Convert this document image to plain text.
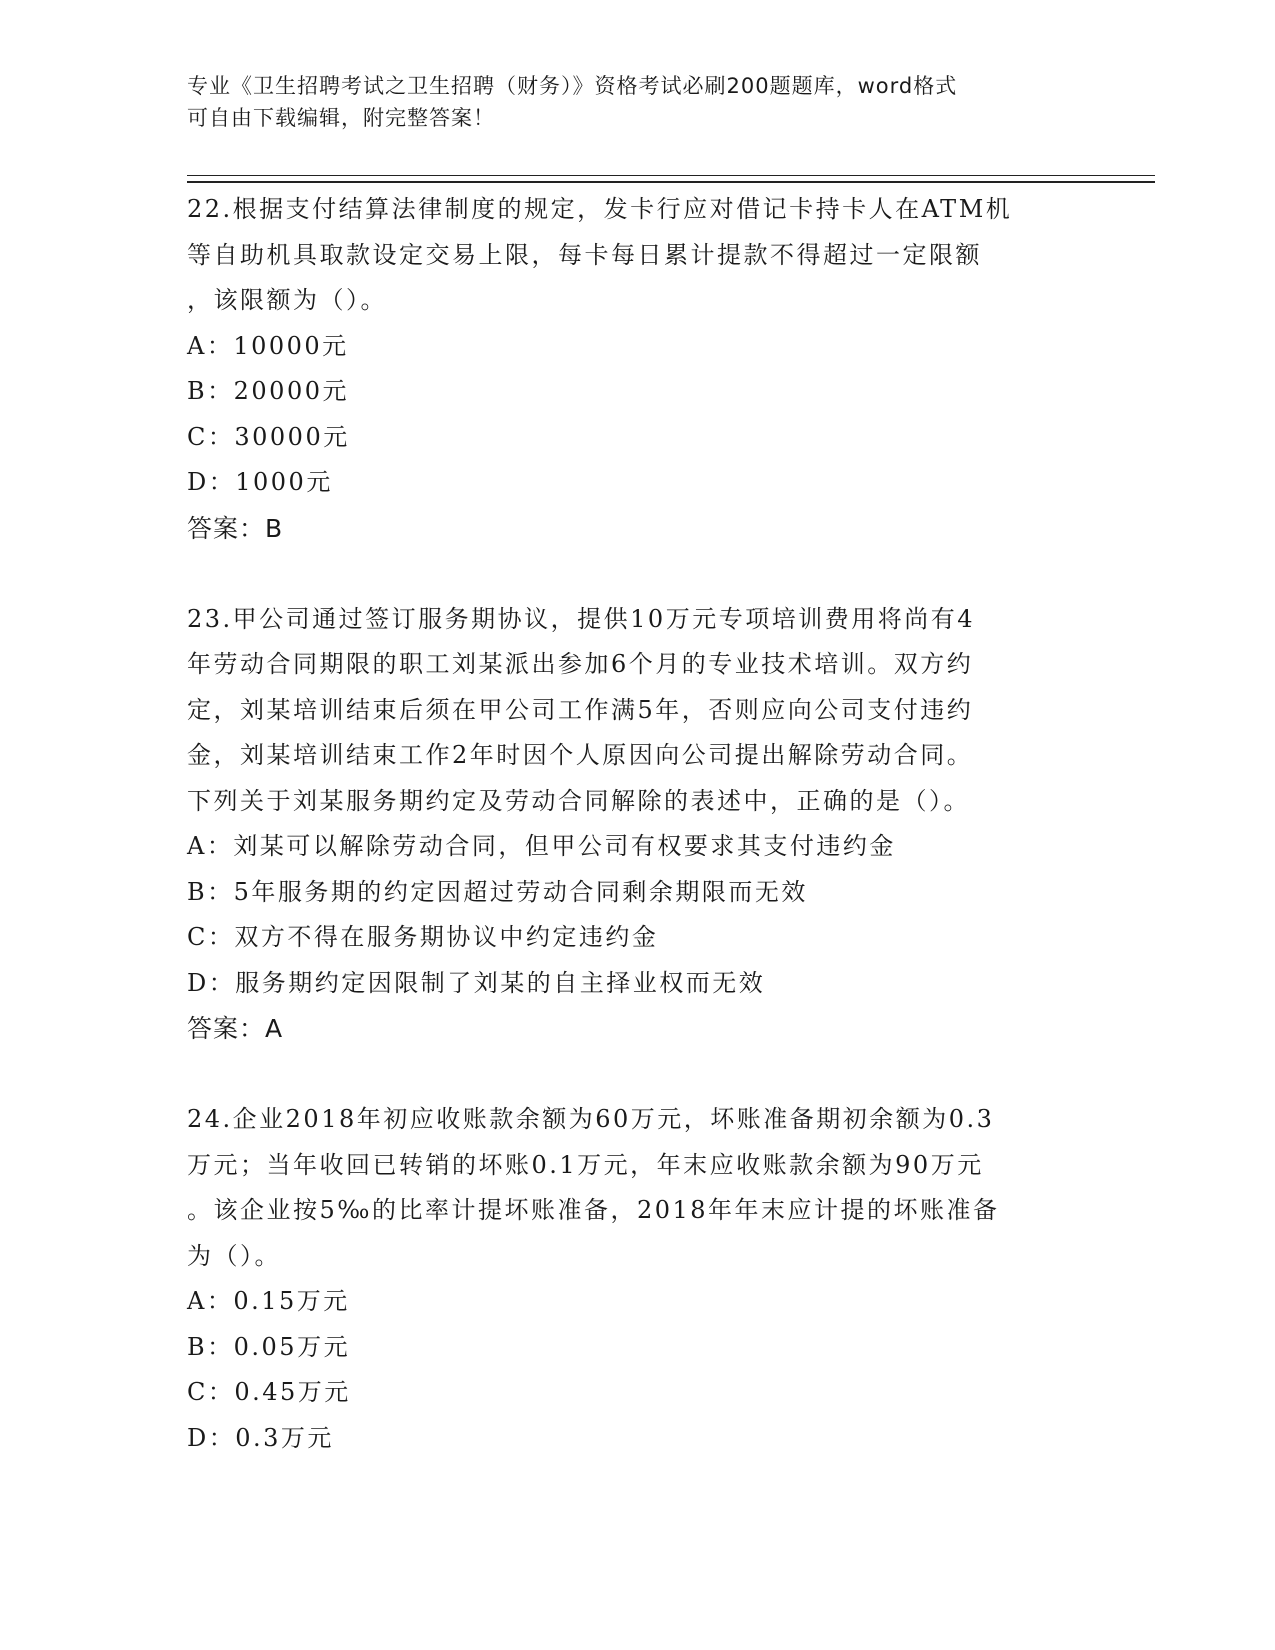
专业《卫生招聘考试之卫生招聘（财务）》资格考试必刷200题题库，word格式
可自由下载编辑，附完整答案！
22.根据支付结算法律制度的规定，发卡行应对借记卡持卡人在ATM机
等自助机具取款设定交易上限，每卡每日累计提款不得超过一定限额
，该限额为（）。
A：10000元
B：20000元
C：30000元
D：1000元
答案：B
23.甲公司通过签订服务期协议，提供10万元专项培训费用将尚有4
年劳动合同期限的职工刘某派出参加6个月的专业技术培训。双方约
定，刘某培训结束后须在甲公司工作满5年，否则应向公司支付违约
金，刘某培训结束工作2年时因个人原因向公司提出解除劳动合同。
下列关于刘某服务期约定及劳动合同解除的表述中，正确的是（）。
A：刘某可以解除劳动合同，但甲公司有权要求其支付违约金
B：5年服务期的约定因超过劳动合同剩余期限而无效
C：双方不得在服务期协议中约定违约金
D：服务期约定因限制了刘某的自主择业权而无效
答案：A
24.企业2018年初应收账款余额为60万元，坏账准备期初余额为0.3
万元；当年收回已转销的坏账0.1万元，年末应收账款余额为90万元
。该企业按5‰的比率计提坏账准备，2018年年末应计提的坏账准备
为（）。
A：0.15万元
B：0.05万元
C：0.45万元
D：0.3万元
